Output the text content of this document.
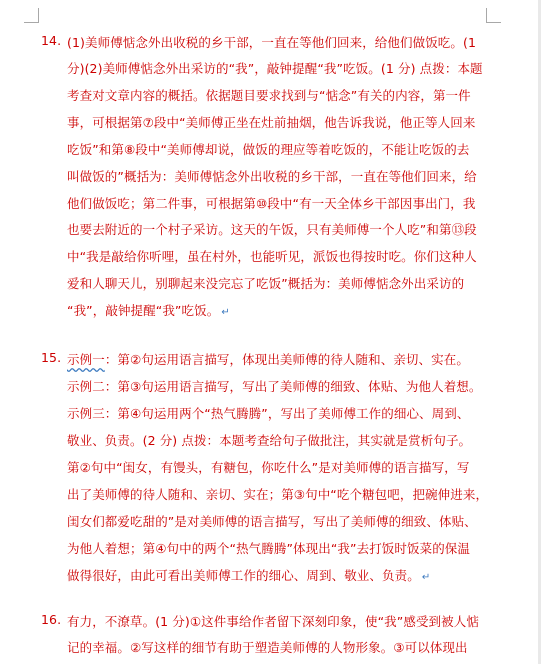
14. (1)美师傅惦念外出收税的乡干部，一直在等他们回来，给他们做饭吃。(1
分)(2)美师傅惦念外出采访的“我”，敲钟提醒“我”吃饭。(1 分) 点拨：本题
考查对文章内容的概括。依据题目要求找到与“惦念”有关的内容，第一件
事，可根据第⑦段中“美师傅正坐在灶前抽烟，他告诉我说，他正等人回来
吃饭”和第⑧段中“美师傅却说，做饭的理应等着吃饭的，不能让吃饭的去
叫做饭的”概括为：美师傅惦念外出收税的乡干部，一直在等他们回来，给
他们做饭吃；第二件事，可根据第⑩段中“有一天全体乡干部因事出门，我
也要去附近的一个村子采访。这天的午饭，只有美师傅一个人吃”和第⑬段
中“我是敲给你听哩，虽在村外，也能听见，派饭也得按时吃。你们这种人
爱和人聊天儿，别聊起来没完忘了吃饭”概括为：美师傅惦念外出采访的
“我”，敲钟提醒“我”吃饭。 ↵
15. 示例一：第②句运用语言描写，体现出美师傅的待人随和、亲切、实在。
示例二：第③句运用语言描写，写出了美师傅的细致、体贴、为他人着想。
示例三：第④句运用两个“热气腾腾”，写出了美师傅工作的细心、周到、
敬业、负责。(2 分) 点拨：本题考查给句子做批注，其实就是赏析句子。
第②句中“闺女，有馒头，有糖包，你吃什么”是对美师傅的语言描写，写
出了美师傅的待人随和、亲切、实在；第③句中“吃个糖包吧，把碗伸进来，
闺女们都爱吃甜的”是对美师傅的语言描写，写出了美师傅的细致、体贴、
为他人着想；第④句中的两个“热气腾腾”体现出“我”去打饭时饭菜的保温
做得很好，由此可看出美师傅工作的细心、周到、敬业、负责。 ↵
16. 有力，不潦草。(1 分)①这件事给作者留下深刻印象，使“我”感受到被人惦
记的幸福。②写这样的细节有助于塑造美师傅的人物形象。③可以体现出
